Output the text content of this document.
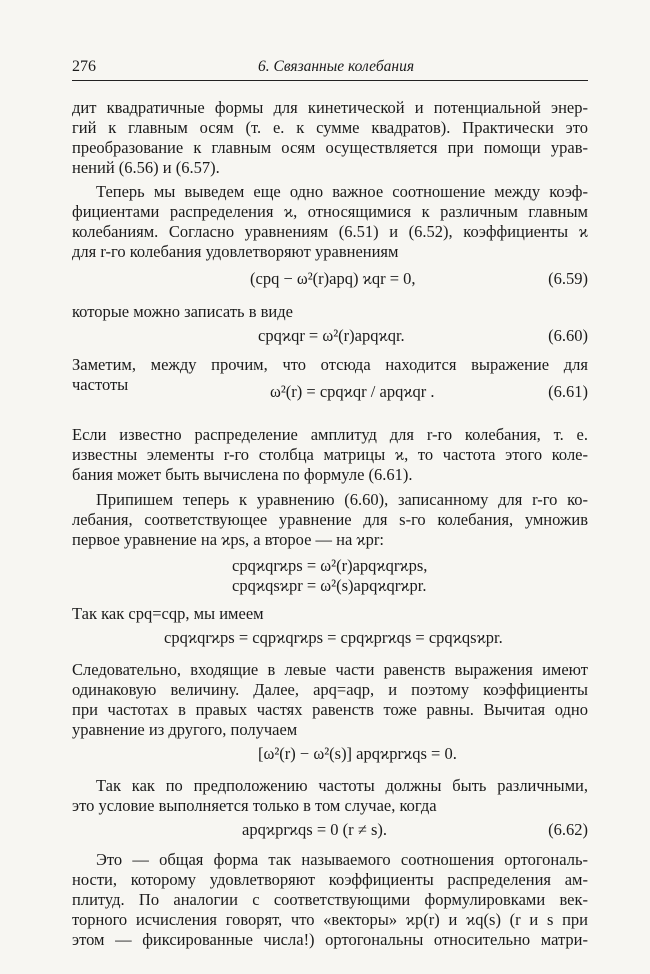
276	6. Связанные колебания
дит квадратичные формы для кинетической и потенциальной энер-
гий к главным осям (т. е. к сумме квадратов). Практически это
преобразование к главным осям осуществляется при помощи урав-
нений (6.56) и (6.57).
Теперь мы выведем еще одно важное соотношение между коэф-
фициентами распределения ϰ, относящимися к различным главным
колебаниям. Согласно уравнениям (6.51) и (6.52), коэффициенты ϰ
для r-го колебания удовлетворяют уравнениям
(cpq − ω²(r)apq) ϰqr = 0,	(6.59)
которые можно записать в виде
cpqϰqr = ω²(r)apqϰqr.	(6.60)
Заметим, между прочим, что отсюда находится выражение для
частоты	ω²(r) = cpqϰqr / apqϰqr .	(6.61)
Если известно распределение амплитуд для r-го колебания, т. е.
известны элементы r-го столбца матрицы ϰ, то частота этого коле-
бания может быть вычислена по формуле (6.61).
Припишем теперь к уравнению (6.60), записанному для r-го ко-
лебания, соответствующее уравнение для s-го колебания, умножив
первое уравнение на ϰps, а второе — на ϰpr:
cpqϰqrϰps = ω²(r)apqϰqrϰps,
cpqϰqsϰpr = ω²(s)apqϰqrϰpr.
Так как cpq=cqp, мы имеем
cpqϰqrϰps = cqpϰqrϰps = cpqϰprϰqs = cpqϰqsϰpr.
Следовательно, входящие в левые части равенств выражения имеют
одинаковую величину. Далее, apq=aqp, и поэтому коэффициенты
при частотах в правых частях равенств тоже равны. Вычитая одно
уравнение из другого, получаем
[ω²(r) − ω²(s)] apqϰprϰqs = 0.
Так как по предположению частоты должны быть различными,
это условие выполняется только в том случае, когда
apqϰprϰqs = 0 (r ≠ s).	(6.62)
Это — общая форма так называемого соотношения ортогональ-
ности, которому удовлетворяют коэффициенты распределения ам-
плитуд. По аналогии с соответствующими формулировками век-
торного исчисления говорят, что «векторы» ϰp(r) и ϰq(s) (r и s при
этом — фиксированные числа!) ортогональны относительно матри-
